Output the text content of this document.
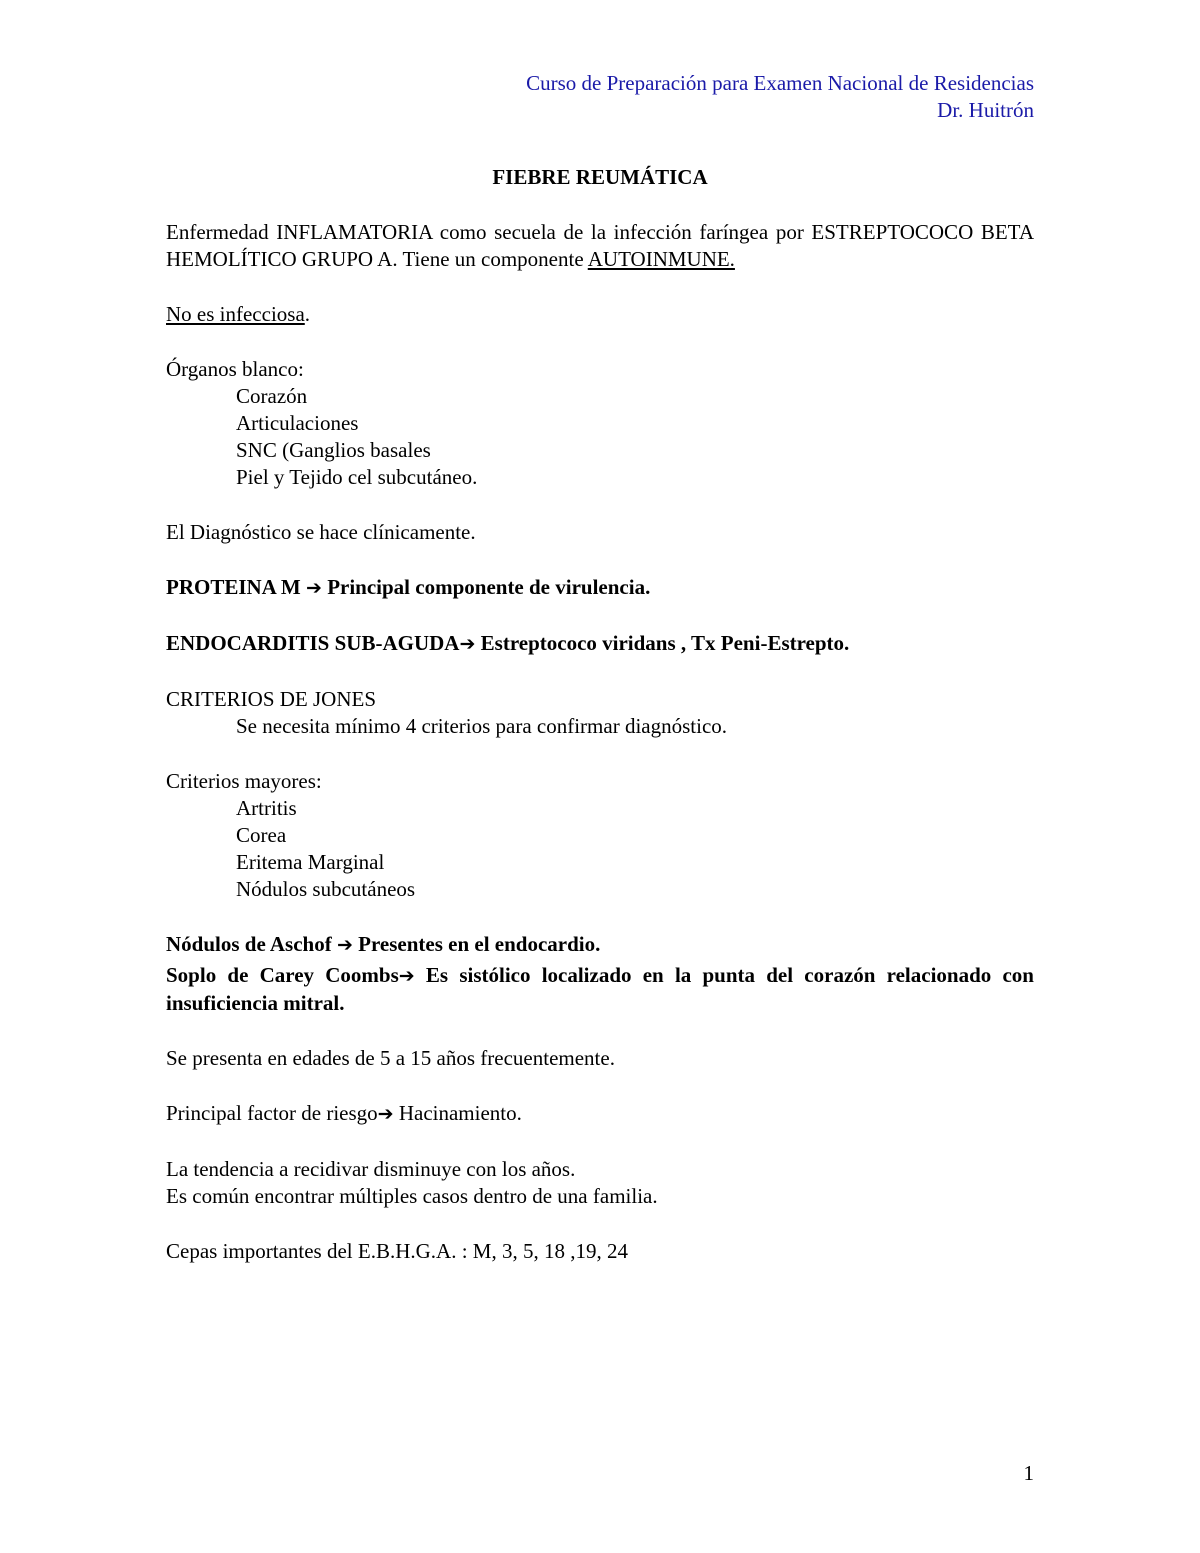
Curso de Preparación para Examen Nacional de Residencias
Dr. Huitrón
FIEBRE REUMÁTICA
Enfermedad INFLAMATORIA como secuela de la infección faríngea por ESTREPTOCOCO BETA HEMOLÍTICO GRUPO A. Tiene un componente AUTOINMUNE.
No es infecciosa.
Órganos blanco:
Corazón
Articulaciones
SNC (Ganglios basales
Piel y Tejido cel subcutáneo.
El Diagnóstico se hace clínicamente.
PROTEINA M ➔ Principal componente de virulencia.
ENDOCARDITIS SUB-AGUDA➔ Estreptococo viridans , Tx Peni-Estrepto.
CRITERIOS DE JONES
Se necesita mínimo 4 criterios para confirmar diagnóstico.
Criterios mayores:
Artritis
Corea
Eritema Marginal
Nódulos subcutáneos
Nódulos de Aschof ➔ Presentes en el endocardio.
Soplo de Carey Coombs➔ Es sistólico localizado en la punta del corazón relacionado con insuficiencia mitral.
Se presenta en edades de 5 a 15 años frecuentemente.
Principal factor de riesgo➔ Hacinamiento.
La tendencia a recidivar disminuye con los años.
Es común encontrar múltiples casos dentro de una familia.
Cepas importantes del E.B.H.G.A. : M, 3, 5, 18 ,19, 24
1
